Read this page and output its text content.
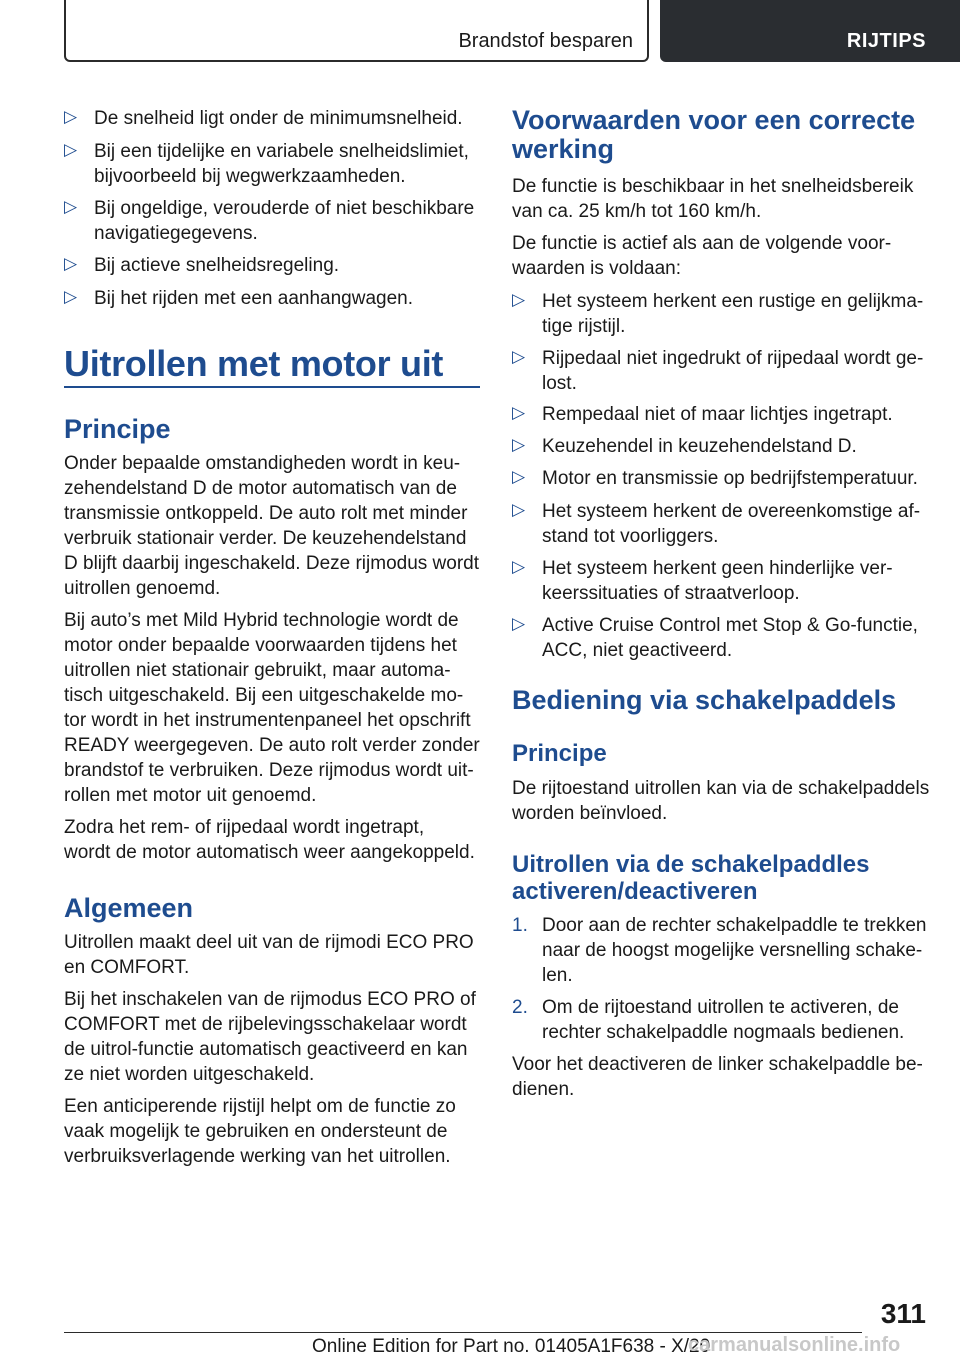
Brandstof besparen	RIJTIPS
▷ De snelheid ligt onder de minimumsnelheid.
▷ Bij een tijdelijke en variabele snelheidslimiet,
bijvoorbeeld bij wegwerkzaamheden.
▷ Bij ongeldige, verouderde of niet beschikbare
navigatiegegevens.
▷ Bij actieve snelheidsregeling.
▷ Bij het rijden met een aanhangwagen.
Uitrollen met motor uit
Principe
Onder bepaalde omstandigheden wordt in keu-
zehendelstand D de motor automatisch van de
transmissie ontkoppeld. De auto rolt met minder
verbruik stationair verder. De keuzehendelstand
D blijft daarbij ingeschakeld. Deze rijmodus wordt
uitrollen genoemd.
Bij auto’s met Mild Hybrid technologie wordt de
motor onder bepaalde voorwaarden tijdens het
uitrollen niet stationair gebruikt, maar automa-
tisch uitgeschakeld. Bij een uitgeschakelde mo-
tor wordt in het instrumentenpaneel het opschrift
READY weergegeven. De auto rolt verder zonder
brandstof te verbruiken. Deze rijmodus wordt uit-
rollen met motor uit genoemd.
Zodra het rem- of rijpedaal wordt ingetrapt,
wordt de motor automatisch weer aangekoppeld.
Algemeen
Uitrollen maakt deel uit van de rijmodi ECO PRO
en COMFORT.
Bij het inschakelen van de rijmodus ECO PRO of
COMFORT met de rijbelevingsschakelaar wordt
de uitrol-functie automatisch geactiveerd en kan
ze niet worden uitgeschakeld.
Een anticiperende rijstijl helpt om de functie zo
vaak mogelijk te gebruiken en ondersteunt de
verbruiksverlagende werking van het uitrollen.
Voorwaarden voor een correcte
werking
De functie is beschikbaar in het snelheidsbereik
van ca. 25 km/h tot 160 km/h.
De functie is actief als aan de volgende voor-
waarden is voldaan:
▷ Het systeem herkent een rustige en gelijkma-
tige rijstijl.
▷ Rijpedaal niet ingedrukt of rijpedaal wordt ge-
lost.
▷ Rempedaal niet of maar lichtjes ingetrapt.
▷ Keuzehendel in keuzehendelstand D.
▷ Motor en transmissie op bedrijfstemperatuur.
▷ Het systeem herkent de overeenkomstige af-
stand tot voorliggers.
▷ Het systeem herkent geen hinderlijke ver-
keerssituaties of straatverloop.
▷ Active Cruise Control met Stop & Go-functie,
ACC, niet geactiveerd.
Bediening via schakelpaddels
Principe
De rijtoestand uitrollen kan via de schakelpaddels
worden beïnvloed.
Uitrollen via de schakelpaddles
activeren/deactiveren
1. Door aan de rechter schakelpaddle te trekken
naar de hoogst mogelijke versnelling schake-
len.
2. Om de rijtoestand uitrollen te activeren, de
rechter schakelpaddle nogmaals bedienen.
Voor het deactiveren de linker schakelpaddle be-
dienen.
311
Online Edition for Part no. 01405A1F638 - X/20
carmanualsonline.info
